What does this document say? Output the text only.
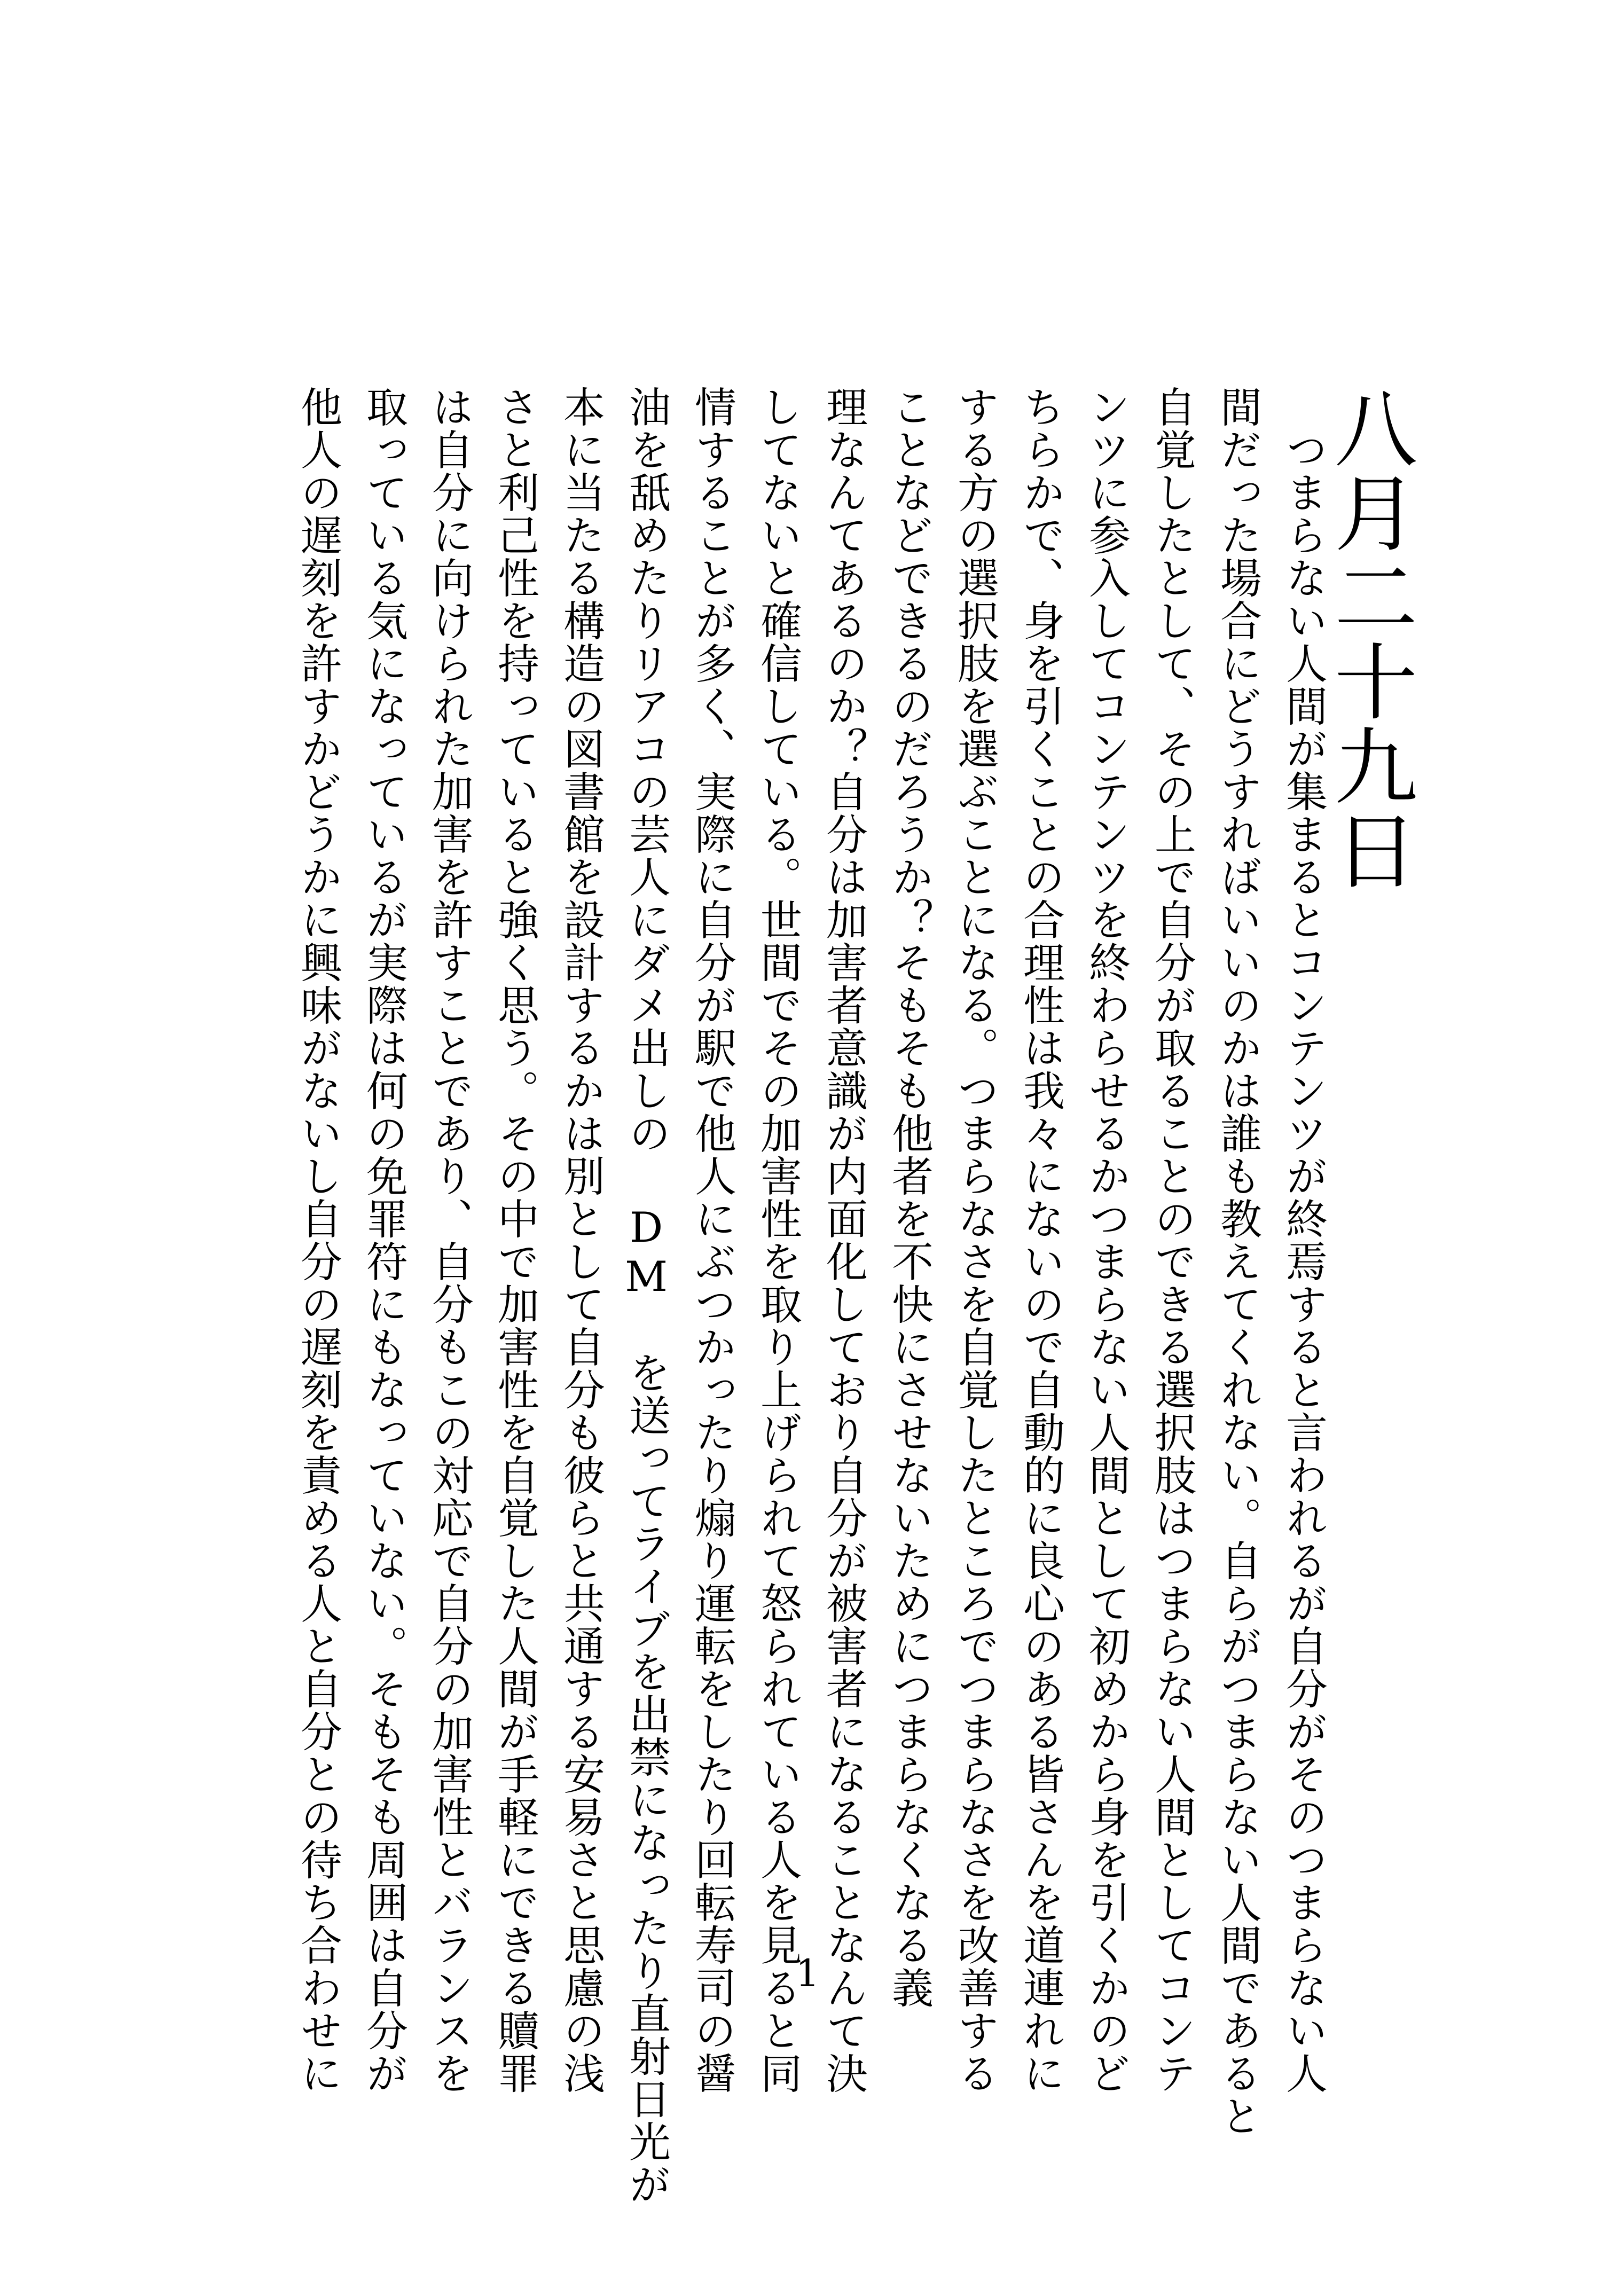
八月二十九日

　つまらない人間が集まるとコンテンツが終焉すると言われるが自分がそのつまらない人

間だった場合にどうすればいいのかは誰も教えてくれない。自らがつまらない人間であると

自覚したとして、その上で自分が取ることのできる選択肢はつまらない人間としてコンテ

ンツに参入してコンテンツを終わらせるかつまらない人間として初めから身を引くかのど

ちらかで、身を引くことの合理性は我々にないので自動的に良心のある皆さんを道連れに

する方の選択肢を選ぶことになる。つまらなさを自覚したところでつまらなさを改善する

ことなどできるのだろうか？そもそも他者を不快にさせないためにつまらなくなる義

理なんてあるのか？自分は加害者意識が内面化しており自分が被害者になることなんて決

してないと確信している。世間でその加害性を取り上げられて怒られている人を見ると同

情することが多く、実際に自分が駅で他人にぶつかったり煽り運転をしたり回転寿司の醤

油を舐めたりリアコの芸人にダメ出しの DM を送ってライブを出禁になったり直射日光が

本に当たる構造の図書館を設計するかは別として自分も彼らと共通する安易さと思慮の浅

さと利己性を持っていると強く思う。その中で加害性を自覚した人間が手軽にできる贖罪

は自分に向けられた加害を許すことであり、自分もこの対応で自分の加害性とバランスを

取っている気になっているが実際は何の免罪符にもなっていない。そもそも周囲は自分が

他人の遅刻を許すかどうかに興味がないし自分の遅刻を責める人と自分との待ち合わせに	1
